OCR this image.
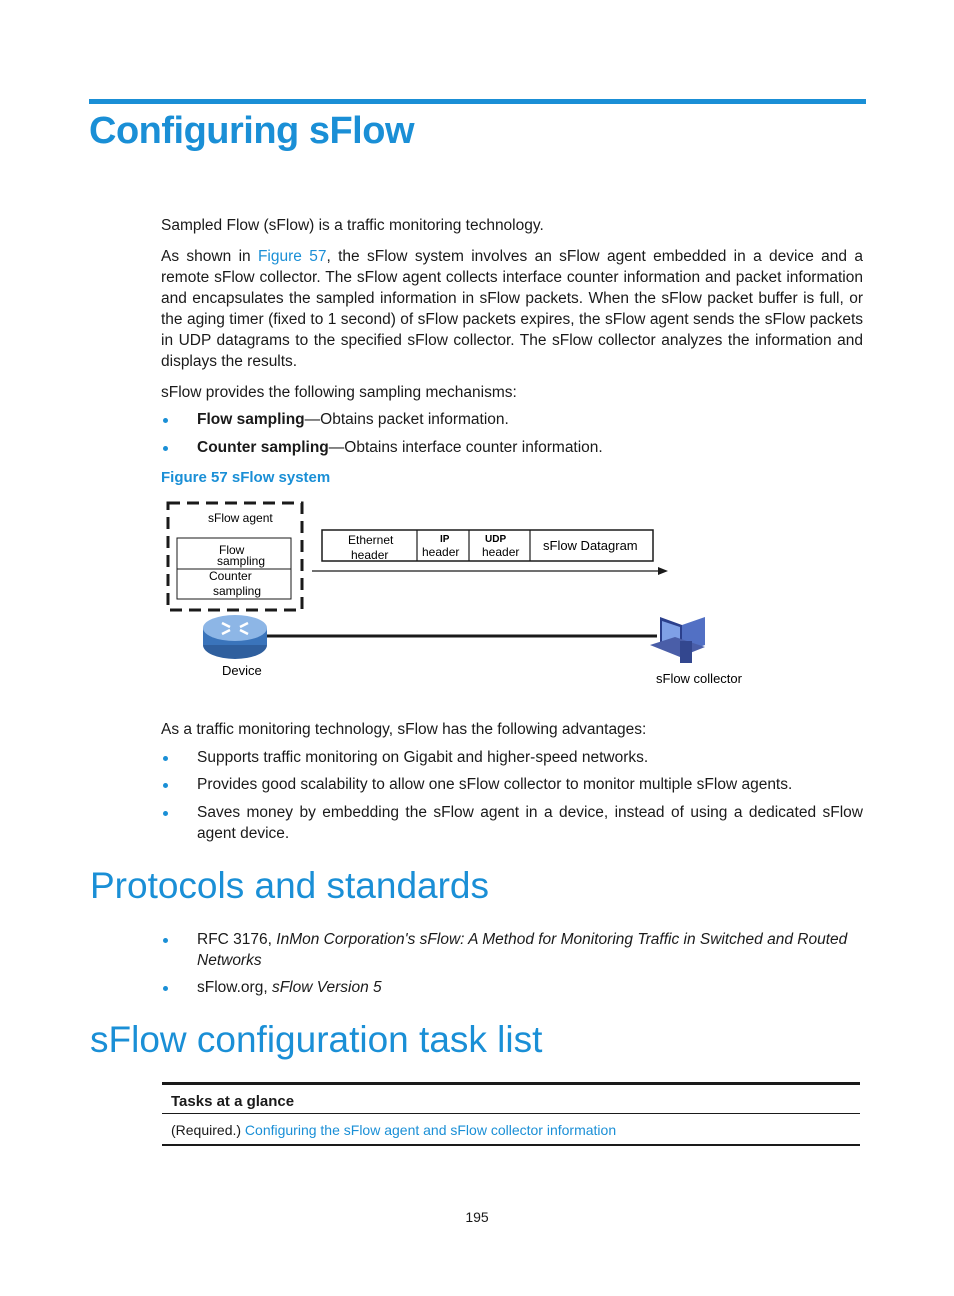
Configuring sFlow
Sampled Flow (sFlow) is a traffic monitoring technology.
As shown in Figure 57, the sFlow system involves an sFlow agent embedded in a device and a remote sFlow collector. The sFlow agent collects interface counter information and packet information and encapsulates the sampled information in sFlow packets. When the sFlow packet buffer is full, or the aging timer (fixed to 1 second) of sFlow packets expires, the sFlow agent sends the sFlow packets in UDP datagrams to the specified sFlow collector. The sFlow collector analyzes the information and displays the results.
sFlow provides the following sampling mechanisms:
Flow sampling—Obtains packet information.
Counter sampling—Obtains interface counter information.
Figure 57 sFlow system
sFlow agent
Flow
sampling
Counter
sampling
Ethernet
header
IP
header
UDP
header sFlow Datagram
Device
sFlow collector
As a traffic monitoring technology, sFlow has the following advantages:
Supports traffic monitoring on Gigabit and higher-speed networks.
Provides good scalability to allow one sFlow collector to monitor multiple sFlow agents.
Saves money by embedding the sFlow agent in a device, instead of using a dedicated sFlow agent device.
Protocols and standards
RFC 3176, InMon Corporation's sFlow: A Method for Monitoring Traffic in Switched and Routed Networks
sFlow.org, sFlow Version 5
sFlow configuration task list
Tasks at a glance
(Required.) Configuring the sFlow agent and sFlow collector information
195
